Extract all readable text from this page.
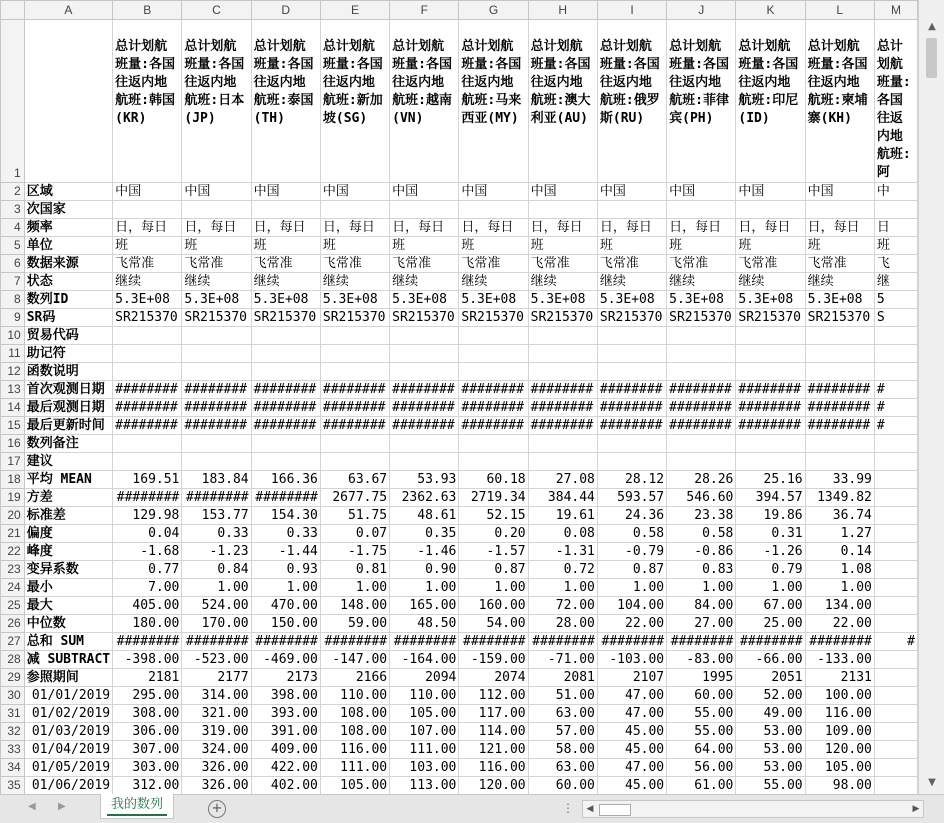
	A	B	C	D	E	F	G	H	I	J	K	L	M
1		总计划航班量:各国往返内地航班:韩国(KR)	总计划航班量:各国往返内地航班:日本(JP)	总计划航班量:各国往返内地航班:泰国(TH)	总计划航班量:各国往返内地航班:新加坡(SG)	总计划航班量:各国往返内地航班:越南(VN)	总计划航班量:各国往返内地航班:马来西亚(MY)	总计划航班量:各国往返内地航班:澳大利亚(AU)	总计划航班量:各国往返内地航班:俄罗斯(RU)	总计划航班量:各国往返内地航班:菲律宾(PH)	总计划航班量:各国往返内地航班:印尼(ID)	总计划航班量:各国往返内地航班:柬埔寨(KH)	总计划航班量:各国往返内地航班:阿
2	区域	中国	中国	中国	中国	中国	中国	中国	中国	中国	中国	中国	中
3	次国家												
4	频率	日，每日	日，每日	日，每日	日，每日	日，每日	日，每日	日，每日	日，每日	日，每日	日，每日	日，每日	日
5	单位	班	班	班	班	班	班	班	班	班	班	班	班
6	数据来源	飞常准	飞常准	飞常准	飞常准	飞常准	飞常准	飞常准	飞常准	飞常准	飞常准	飞常准	飞
7	状态	继续	继续	继续	继续	继续	继续	继续	继续	继续	继续	继续	继
8	数列ID	5.3E+08	5.3E+08	5.3E+08	5.3E+08	5.3E+08	5.3E+08	5.3E+08	5.3E+08	5.3E+08	5.3E+08	5.3E+08	5
9	SR码	SR215370	SR215370	SR215370	SR215370	SR215370	SR215370	SR215370	SR215370	SR215370	SR215370	SR215370	S
10	贸易代码												
11	助记符												
12	函数说明												
13	首次观测日期	########	########	########	########	########	########	########	########	########	########	########	#
14	最后观测日期	########	########	########	########	########	########	########	########	########	########	########	#
15	最后更新时间	########	########	########	########	########	########	########	########	########	########	########	#
16	数列备注												
17	建议												
18	平均 MEAN	169.51	183.84	166.36	63.67	53.93	60.18	27.08	28.12	28.26	25.16	33.99	
19	方差	########	########	########	2677.75	2362.63	2719.34	384.44	593.57	546.60	394.57	1349.82	
20	标准差	129.98	153.77	154.30	51.75	48.61	52.15	19.61	24.36	23.38	19.86	36.74	
21	偏度	0.04	0.33	0.33	0.07	0.35	0.20	0.08	0.58	0.58	0.31	1.27	
22	峰度	-1.68	-1.23	-1.44	-1.75	-1.46	-1.57	-1.31	-0.79	-0.86	-1.26	0.14	
23	变异系数	0.77	0.84	0.93	0.81	0.90	0.87	0.72	0.87	0.83	0.79	1.08	
24	最小	7.00	1.00	1.00	1.00	1.00	1.00	1.00	1.00	1.00	1.00	1.00	
25	最大	405.00	524.00	470.00	148.00	165.00	160.00	72.00	104.00	84.00	67.00	134.00	
26	中位数	180.00	170.00	150.00	59.00	48.50	54.00	28.00	22.00	27.00	25.00	22.00	
27	总和 SUM	########	########	########	########	########	########	########	########	########	########	########	#
28	减 SUBTRACT	-398.00	-523.00	-469.00	-147.00	-164.00	-159.00	-71.00	-103.00	-83.00	-66.00	-133.00	
29	参照期间	2181	2177	2173	2166	2094	2074	2081	2107	1995	2051	2131	
30	01/01/2019	295.00	314.00	398.00	110.00	110.00	112.00	51.00	47.00	60.00	52.00	100.00	
31	01/02/2019	308.00	321.00	393.00	108.00	105.00	117.00	63.00	47.00	55.00	49.00	116.00	
32	01/03/2019	306.00	319.00	391.00	108.00	107.00	114.00	57.00	45.00	55.00	53.00	109.00	
33	01/04/2019	307.00	324.00	409.00	116.00	111.00	121.00	58.00	45.00	64.00	53.00	120.00	
34	01/05/2019	303.00	326.00	422.00	111.00	103.00	116.00	63.00	47.00	56.00	53.00	105.00	
35	01/06/2019	312.00	326.00	402.00	105.00	113.00	120.00	60.00	45.00	61.00	55.00	98.00	

▲
▼
◀ ▶	我的数列	+	⋮	◀	▶
